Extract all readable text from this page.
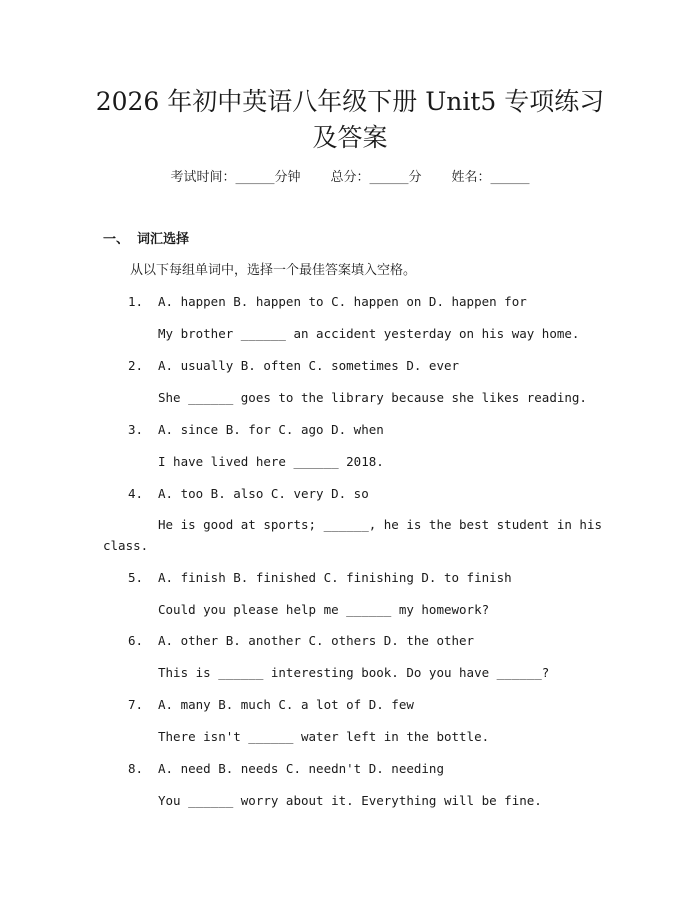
2026 年初中英语八年级下册 Unit5 专项练习
及答案
考试时间：______分钟 总分：______分 姓名：______
一、 词汇选择
从以下每组单词中，选择一个最佳答案填入空格。
1. A. happen B. happen to C. happen on D. happen for
My brother ______ an accident yesterday on his way home.
2. A. usually B. often C. sometimes D. ever
She ______ goes to the library because she likes reading.
3. A. since B. for C. ago D. when
I have lived here ______ 2018.
4. A. too B. also C. very D. so
He is good at sports; ______, he is the best student in his
class.
5. A. finish B. finished C. finishing D. to finish
Could you please help me ______ my homework?
6. A. other B. another C. others D. the other
This is ______ interesting book. Do you have ______?
7. A. many B. much C. a lot of D. few
There isn't ______ water left in the bottle.
8. A. need B. needs C. needn't D. needing
You ______ worry about it. Everything will be fine.
